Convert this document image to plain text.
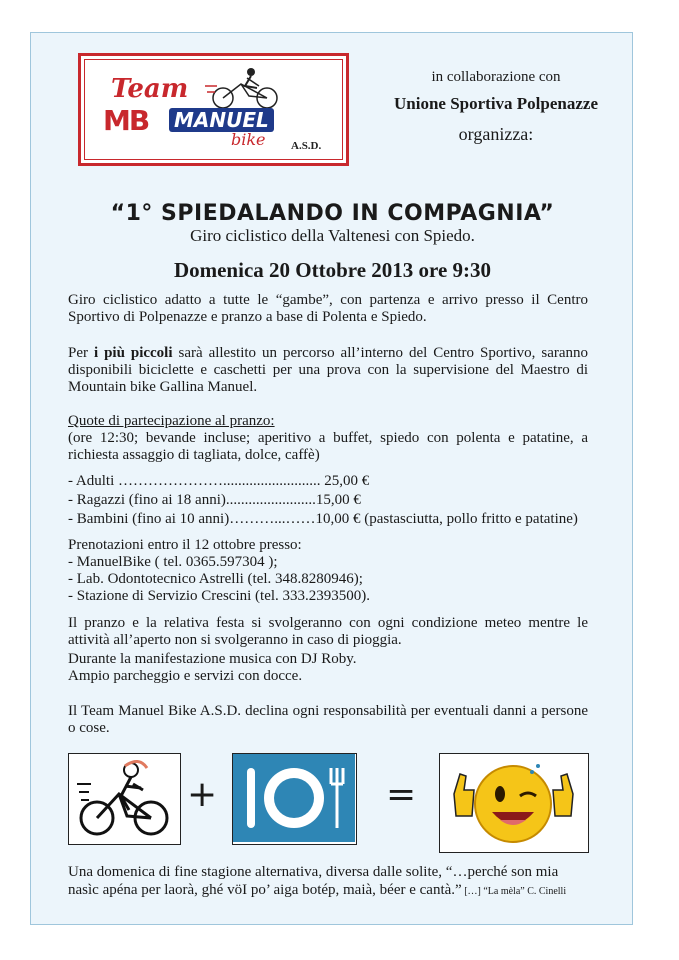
Team
MB MANUEL
bike A.S.D.
in collaborazione con
Unione Sportiva Polpenazze
organizza:
“1° SPIEDALANDO IN COMPAGNIA”
Giro ciclistico della Valtenesi con Spiedo.
Domenica 20 Ottobre 2013 ore 9:30
Giro ciclistico adatto a tutte le “gambe”, con partenza e arrivo presso il Centro Sportivo di Polpenazze e pranzo a base di Polenta e Spiedo.
Per i più piccoli sarà allestito un percorso all’interno del Centro Sportivo, saranno disponibili biciclette e caschetti per una prova con la supervisione del Maestro di Mountain bike Gallina Manuel.
Quote di partecipazione al pranzo:
(ore 12:30; bevande incluse; aperitivo a buffet, spiedo con polenta e patatine, a richiesta assaggio di tagliata, dolce, caffè)
- Adulti ………………….......................... 25,00 €
- Ragazzi (fino ai 18 anni)........................15,00 €
- Bambini (fino ai 10 anni)………...……10,00 € (pastasciutta, pollo fritto e patatine)
Prenotazioni entro il 12 ottobre presso:
- ManuelBike ( tel. 0365.597304 );
- Lab. Odontotecnico Astrelli (tel. 348.8280946);
- Stazione di Servizio Crescini (tel. 333.2393500).
Il pranzo e la relativa festa si svolgeranno con ogni condizione meteo mentre le attività all’aperto non si svolgeranno in caso di pioggia.
Durante la manifestazione musica con DJ Roby.
Ampio parcheggio e servizi con docce.
Il Team Manuel Bike A.S.D. declina ogni responsabilità per eventuali danni a persone o cose.
+	=
Una domenica di fine stagione alternativa, diversa dalle solite, “…perché son mia
nasìc apéna per laorà, ghé vöI po’ aiga botép, maià, béer e cantà.” […] “La mèla” C. Cinelli
